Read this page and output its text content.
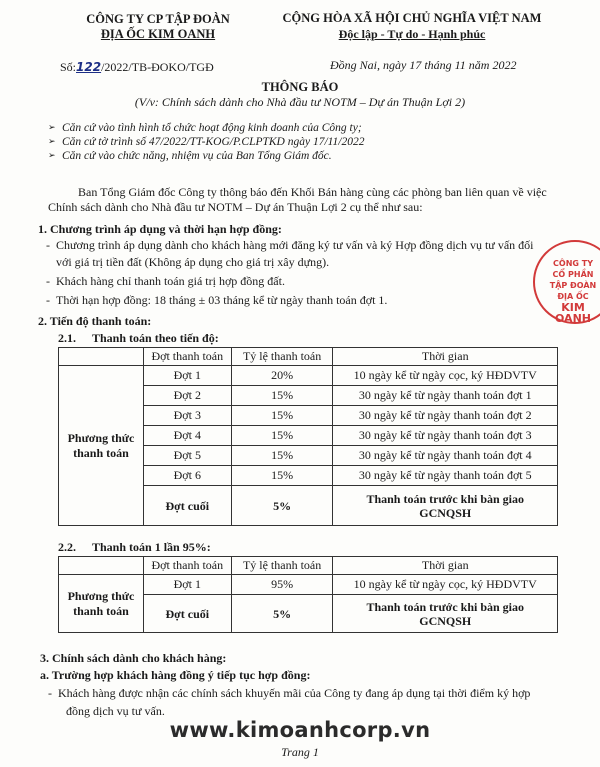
CÔNG TY CP TẬP ĐOÀN
ĐỊA ỐC KIM OANH
CỘNG HÒA XÃ HỘI CHỦ NGHĨA VIỆT NAM
Độc lập - Tự do - Hạnh phúc
Số:122/2022/TB-ĐOKO/TGĐ	Đồng Nai, ngày 17 tháng 11 năm 2022
THÔNG BÁO
(V/v: Chính sách dành cho Nhà đầu tư NOTM – Dự án Thuận Lợi 2)
➢ Căn cứ vào tình hình tổ chức hoạt động kinh doanh của Công ty;
➢ Căn cứ tờ trình số 47/2022/TT-KOG/P.CLPTKD ngày 17/11/2022
➢ Căn cứ vào chức năng, nhiệm vụ của Ban Tổng Giám đốc.
Ban Tổng Giám đốc Công ty thông báo đến Khối Bán hàng cùng các phòng ban liên quan về việc Chính sách dành cho Nhà đầu tư NOTM – Dự án Thuận Lợi 2 cụ thể như sau:
1. Chương trình áp dụng và thời hạn hợp đồng:
- Chương trình áp dụng dành cho khách hàng mới đăng ký tư vấn và ký Hợp đồng dịch vụ tư vấn đối
với giá trị tiền đất (Không áp dụng cho giá trị xây dựng).
- Khách hàng chỉ thanh toán giá trị hợp đồng đất.
- Thời hạn hợp đồng: 18 tháng ± 03 tháng kể từ ngày thanh toán đợt 1.
2. Tiến độ thanh toán:
2.1. Thanh toán theo tiến độ:
	Đợt thanh toán	Tỷ lệ thanh toán	Thời gian
Phương thức
thanh toán	Đợt 1	20%	10 ngày kể từ ngày cọc, ký HĐDVTV
	Đợt 2	15%	30 ngày kể từ ngày thanh toán đợt 1
	Đợt 3	15%	30 ngày kể từ ngày thanh toán đợt 2
	Đợt 4	15%	30 ngày kể từ ngày thanh toán đợt 3
	Đợt 5	15%	30 ngày kể từ ngày thanh toán đợt 4
	Đợt 6	15%	30 ngày kể từ ngày thanh toán đợt 5
	Đợt cuối	5%	Thanh toán trước khi bàn giao
GCNQSH
2.2. Thanh toán 1 lần 95%:
	Đợt thanh toán	Tỷ lệ thanh toán	Thời gian
Phương thức
thanh toán	Đợt 1	95%	10 ngày kể từ ngày cọc, ký HĐDVTV
	Đợt cuối	5%	Thanh toán trước khi bàn giao
GCNQSH
3. Chính sách dành cho khách hàng:
a. Trường hợp khách hàng đồng ý tiếp tục hợp đồng:
- Khách hàng được nhận các chính sách khuyến mãi của Công ty đang áp dụng tại thời điểm ký hợp
đồng dịch vụ tư vấn.
CÔNG TY
CỔ PHẦN
TẬP ĐOÀN ĐỊA ỐC
KIM OANH
www.kimoanhcorp.vn
Trang 1
